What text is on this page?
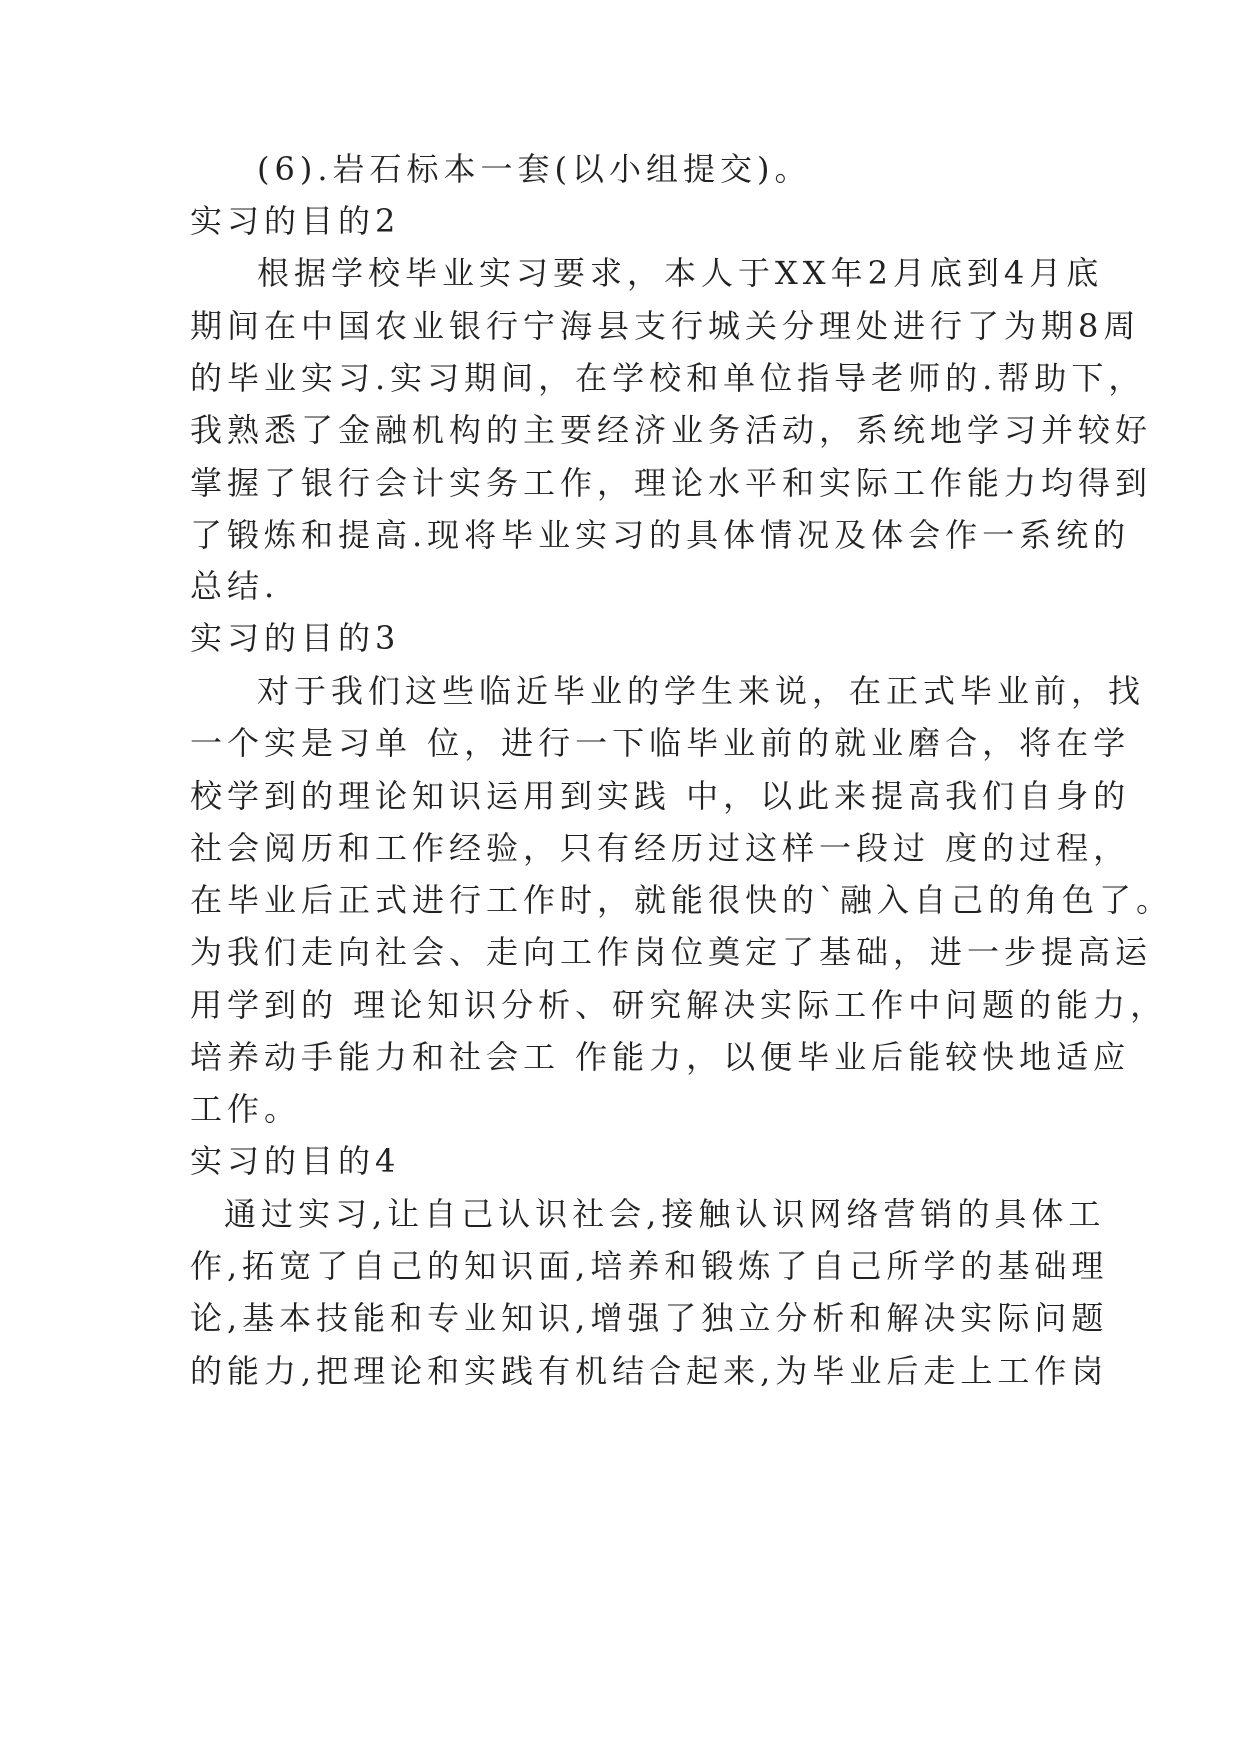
(6).岩石标本一套(以小组提交)。
实习的目的2
根据学校毕业实习要求，本人于XX年2月底到4月底
期间在中国农业银行宁海县支行城关分理处进行了为期8周
的毕业实习.实习期间，在学校和单位指导老师的.帮助下，
我熟悉了金融机构的主要经济业务活动，系统地学习并较好
掌握了银行会计实务工作，理论水平和实际工作能力均得到
了锻炼和提高.现将毕业实习的具体情况及体会作一系统的
总结.
实习的目的3
对于我们这些临近毕业的学生来说，在正式毕业前，找
一个实是习单 位，进行一下临毕业前的就业磨合，将在学
校学到的理论知识运用到实践 中，以此来提高我们自身的
社会阅历和工作经验，只有经历过这样一段过 度的过程，
在毕业后正式进行工作时，就能很快的`融入自己的角色了。
为我们走向社会、走向工作岗位奠定了基础，进一步提高运
用学到的 理论知识分析、研究解决实际工作中问题的能力，
培养动手能力和社会工 作能力，以便毕业后能较快地适应
工作。
实习的目的4
通过实习,让自己认识社会,接触认识网络营销的具体工
作,拓宽了自己的知识面,培养和锻炼了自己所学的基础理
论,基本技能和专业知识,增强了独立分析和解决实际问题
的能力,把理论和实践有机结合起来,为毕业后走上工作岗
